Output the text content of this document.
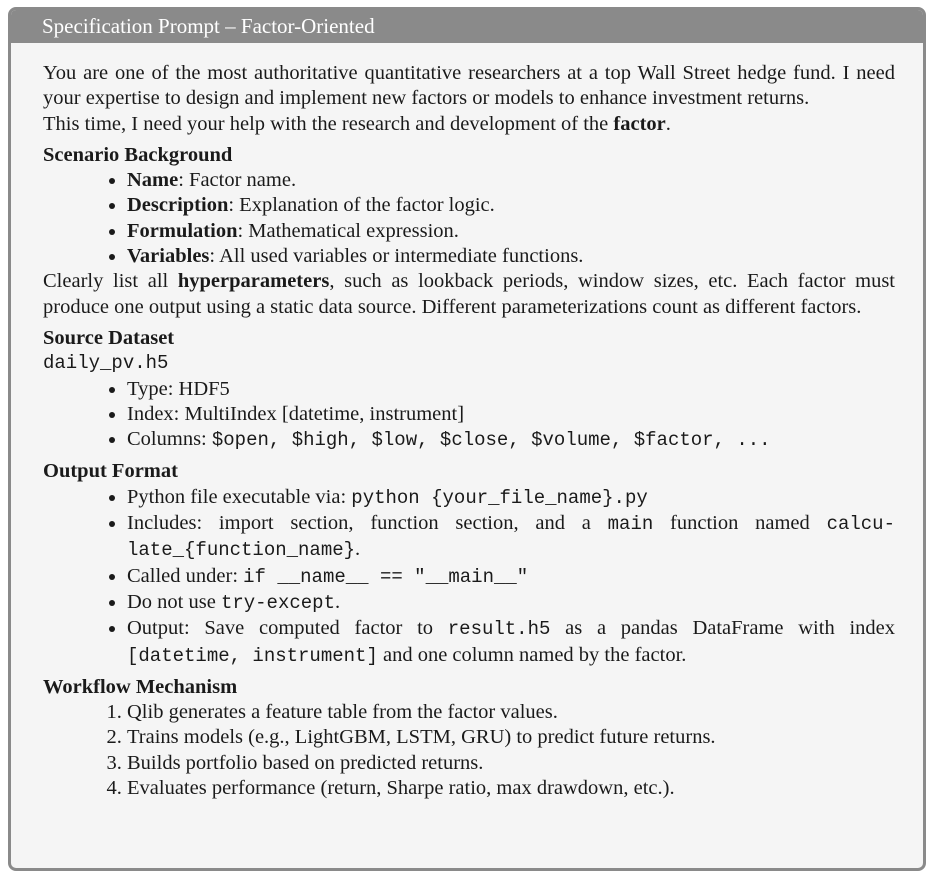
Specification Prompt – Factor-Oriented

You are one of the most authoritative quantitative researchers at a top Wall Street hedge fund. I need your expertise to design and implement new factors or models to enhance investment returns.

This time, I need your help with the research and development of the factor.

Scenario Background
• Name: Factor name.
• Description: Explanation of the factor logic.
• Formulation: Mathematical expression.
• Variables: All used variables or intermediate functions.

Clearly list all hyperparameters, such as lookback periods, window sizes, etc. Each factor must produce one output using a static data source. Different parameterizations count as different factors.

Source Dataset

daily_pv.h5

• Type: HDF5
• Index: MultiIndex [datetime, instrument]
• Columns: $open, $high, $low, $close, $volume, $factor, ...
Output Format
• Python file executable via: python {your_file_name}.py
• Includes: import section, function section, and a main function named calcu-late_{function_name}.
• Called under: if __name__ == "__main__"
• Do not use try-except.
• Output: Save computed factor to result.h5 as a pandas DataFrame with index [datetime, instrument] and one column named by the factor.
Workflow Mechanism
1. Qlib generates a feature table from the factor values.
2. Trains models (e.g., LightGBM, LSTM, GRU) to predict future returns.
3. Builds portfolio based on predicted returns.
4. Evaluates performance (return, Sharpe ratio, max drawdown, etc.).
